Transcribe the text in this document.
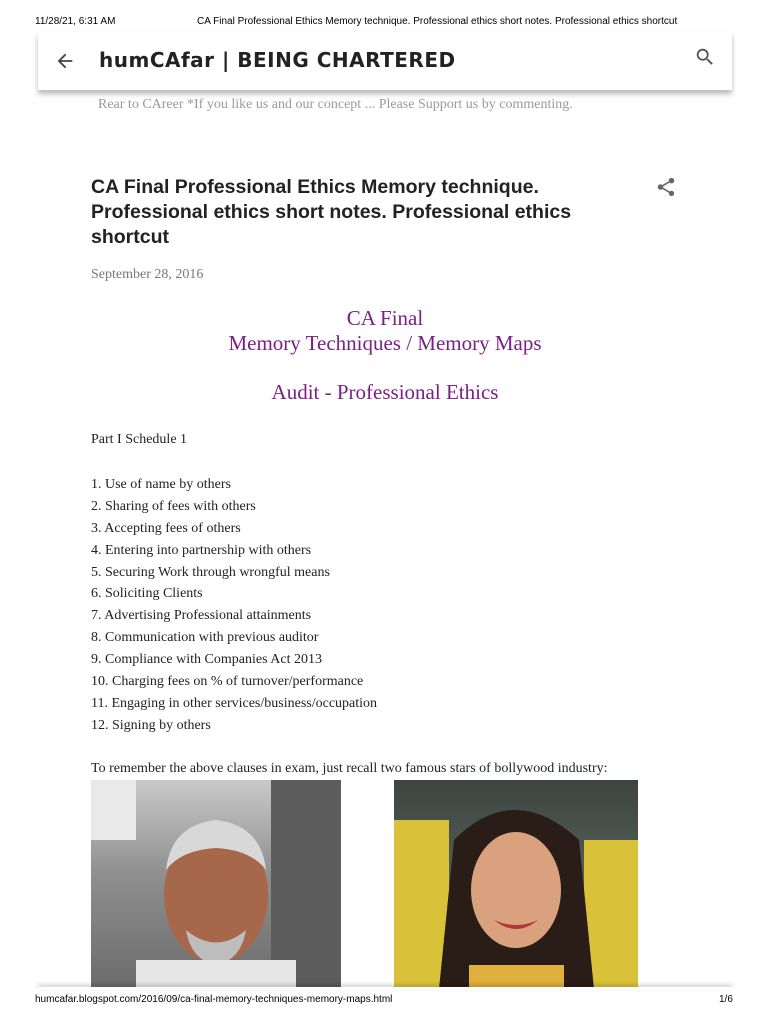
11/28/21, 6:31 AM	CA Final Professional Ethics Memory technique. Professional ethics short notes. Professional ethics shortcut
humCAfar | BEING CHARTERED
Rear to CAreer *If you like us and our concept ... Please Support us by commenting.
CA Final Professional Ethics Memory technique. Professional ethics short notes. Professional ethics shortcut
September 28, 2016
CA Final
Memory Techniques / Memory Maps
Audit - Professional Ethics
Part I Schedule 1
1. Use of name by others
2. Sharing of fees with others
3. Accepting fees of others
4. Entering into partnership with others
5. Securing Work through wrongful means
6. Soliciting Clients
7. Advertising Professional attainments
8. Communication with previous auditor
9. Compliance with Companies Act 2013
10. Charging fees on % of turnover/performance
11. Engaging in other services/business/occupation
12. Signing by others
To remember the above clauses in exam, just recall two famous stars of bollywood industry:
humcafar.blogspot.com/2016/09/ca-final-memory-techniques-memory-maps.html	1/6
